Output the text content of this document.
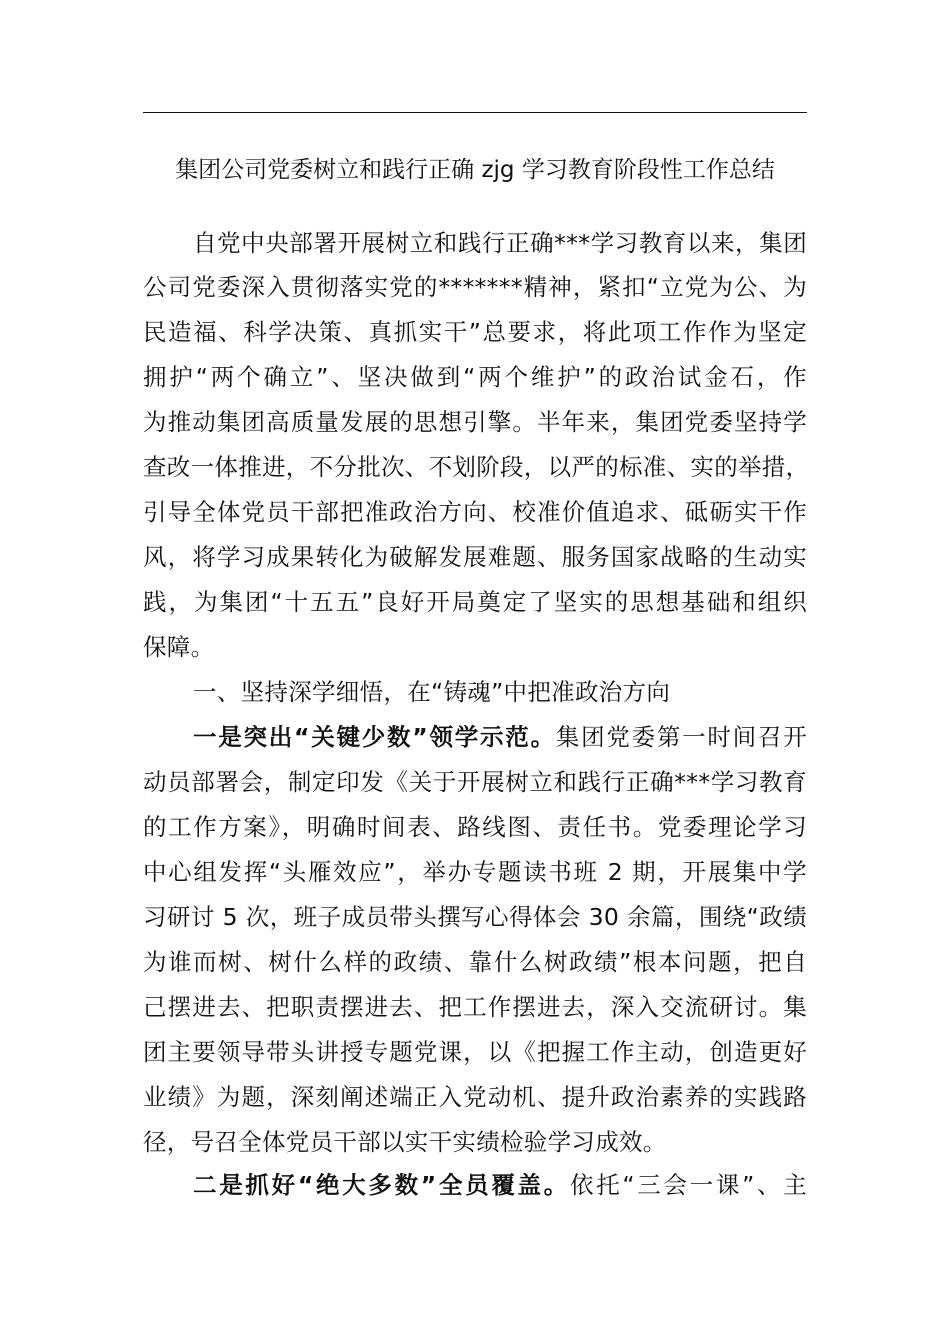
集团公司党委树立和践行正确 zjg 学习教育阶段性工作总结
自党中央部署开展树立和践行正确***学习教育以来，集团
公司党委深入贯彻落实党的*******精神，紧扣“立党为公、为
民造福、科学决策、真抓实干”总要求，将此项工作作为坚定
拥护“两个确立”、坚决做到“两个维护”的政治试金石，作
为推动集团高质量发展的思想引擎。半年来，集团党委坚持学
查改一体推进，不分批次、不划阶段，以严的标准、实的举措，
引导全体党员干部把准政治方向、校准价值追求、砥砺实干作
风，将学习成果转化为破解发展难题、服务国家战略的生动实
践，为集团“十五五”良好开局奠定了坚实的思想基础和组织
保障。
一、坚持深学细悟，在“铸魂”中把准政治方向
一是突出“关键少数”领学示范。集团党委第一时间召开
动员部署会，制定印发《关于开展树立和践行正确***学习教育
的工作方案》，明确时间表、路线图、责任书。党委理论学习
中心组发挥“头雁效应”，举办专题读书班 2 期，开展集中学
习研讨 5 次，班子成员带头撰写心得体会 30 余篇，围绕“政绩
为谁而树、树什么样的政绩、靠什么树政绩”根本问题，把自
己摆进去、把职责摆进去、把工作摆进去，深入交流研讨。集
团主要领导带头讲授专题党课，以《把握工作主动，创造更好
业绩》为题，深刻阐述端正入党动机、提升政治素养的实践路
径，号召全体党员干部以实干实绩检验学习成效。
二是抓好“绝大多数”全员覆盖。依托“三会一课”、主
